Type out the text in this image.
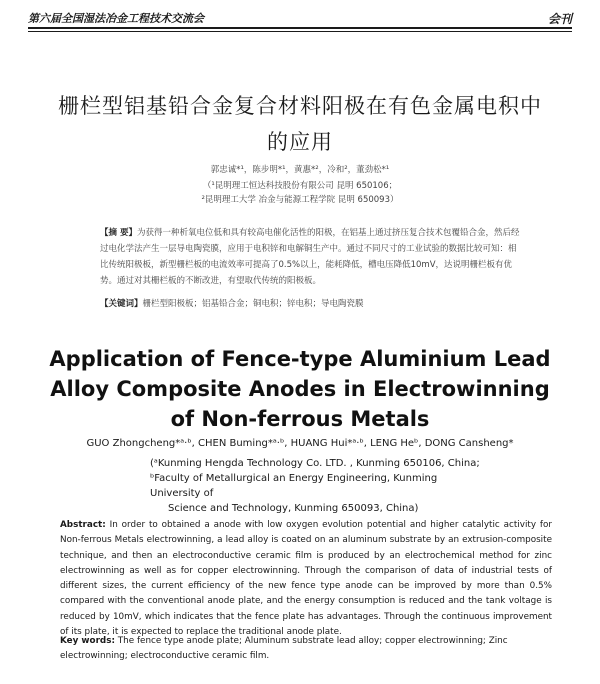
第六届全国湿法冶金工程技术交流会	会刊
栅栏型铝基铅合金复合材料阳极在有色金属电积中
的应用
郭忠诚*¹，陈步明*¹，黄惠*²，冷和²，董劲松*¹
（¹昆明理工恒达科技股份有限公司 昆明 650106；
²昆明理工大学 冶金与能源工程学院 昆明 650093）
【摘 要】为获得一种析氧电位低和具有较高电催化活性的阳极，在铝基上通过挤压复合技术包覆铅合金，然后经过电化学法产生一层导电陶瓷膜，应用于电积锌和电解铜生产中。通过不同尺寸的工业试验的数据比较可知：相比传统阳极板，新型栅栏板的电流效率可提高了0.5%以上，能耗降低，槽电压降低10mV，达说明栅栏板有优势。通过对其栅栏板的不断改进，有望取代传统的阳极板。
【关键词】栅栏型阳极板；铝基铅合金；铜电积；锌电积；导电陶瓷膜
Application of Fence-type Aluminium Lead
Alloy Composite Anodes in Electrowinning
of Non-ferrous Metals
GUO Zhongcheng*ᵃ·ᵇ, CHEN Buming*ᵃ·ᵇ, HUANG Hui*ᵃ·ᵇ, LENG Heᵇ, DONG Cansheng*
(ᵃKunming Hengda Technology Co. LTD. , Kunming 650106, China;
ᵇFaculty of Metallurgical an Energy Engineering, Kunming University of
Science and Technology, Kunming 650093, China)
Abstract: In order to obtained a anode with low oxygen evolution potential and higher catalytic activity for Non-ferrous Metals electrowinning, a lead alloy is coated on an aluminum substrate by an extrusion-composite technique, and then an electroconductive ceramic film is produced by an electrochemical method for zinc electrowinning as well as for copper electrowinning. Through the comparison of data of industrial tests of different sizes, the current efficiency of the new fence type anode can be improved by more than 0.5% compared with the conventional anode plate, and the energy consumption is reduced and the tank voltage is reduced by 10mV, which indicates that the fence plate has advantages. Through the continuous improvement of its plate, it is expected to replace the traditional anode plate.
Key words: The fence type anode plate; Aluminum substrate lead alloy; copper electrowinning; Zinc electrowinning; electroconductive ceramic film.
